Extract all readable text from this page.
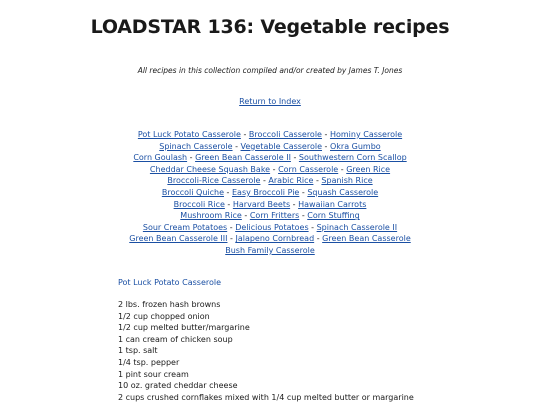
LOADSTAR 136: Vegetable recipes

All recipes in this collection compiled and/or created by James T. Jones

Return to Index
Pot Luck Potato Casserole - Broccoli Casserole - Hominy Casserole
Spinach Casserole - Vegetable Casserole - Okra Gumbo
Corn Goulash - Green Bean Casserole II - Southwestern Corn Scallop
Cheddar Cheese Squash Bake - Corn Casserole - Green Rice
Broccoli-Rice Casserole - Arabic Rice - Spanish Rice
Broccoli Quiche - Easy Broccoli Pie - Squash Casserole
Broccoli Rice - Harvard Beets - Hawaiian Carrots
Mushroom Rice - Corn Fritters - Corn Stuffing
Sour Cream Potatoes - Delicious Potatoes - Spinach Casserole II
Green Bean Casserole III - Jalapeno Cornbread - Green Bean Casserole
Bush Family Casserole
Pot Luck Potato Casserole
2 lbs. frozen hash browns
1/2 cup chopped onion
1/2 cup melted butter/margarine
1 can cream of chicken soup
1 tsp. salt
1/4 tsp. pepper
1 pint sour cream
10 oz. grated cheddar cheese
2 cups crushed cornflakes mixed with 1/4 cup melted butter or margarine
